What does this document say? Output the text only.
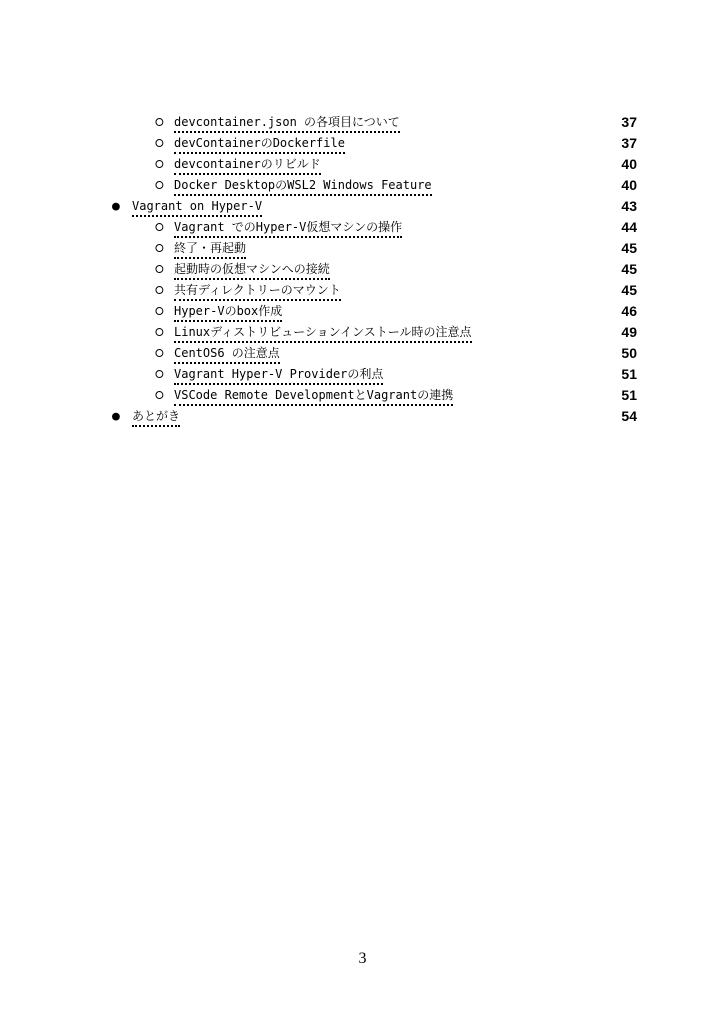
⭘ devcontainer.json の各項目について	37
⭘ devContainerのDockerfile	37
⭘ devcontainerのリビルド	40
⭘ Docker DesktopのWSL2 Windows Feature	40
● Vagrant on Hyper-V	43
⭘ Vagrant でのHyper-V仮想マシンの操作	44
⭘ 終了・再起動	45
⭘ 起動時の仮想マシンへの接続	45
⭘ 共有ディレクトリーのマウント	45
⭘ Hyper-Vのbox作成	46
⭘ Linuxディストリビューションインストール時の注意点	49
⭘ CentOS6 の注意点	50
⭘ Vagrant Hyper-V Providerの利点	51
⭘ VSCode Remote DevelopmentとVagrantの連携	51
● あとがき	54
3
